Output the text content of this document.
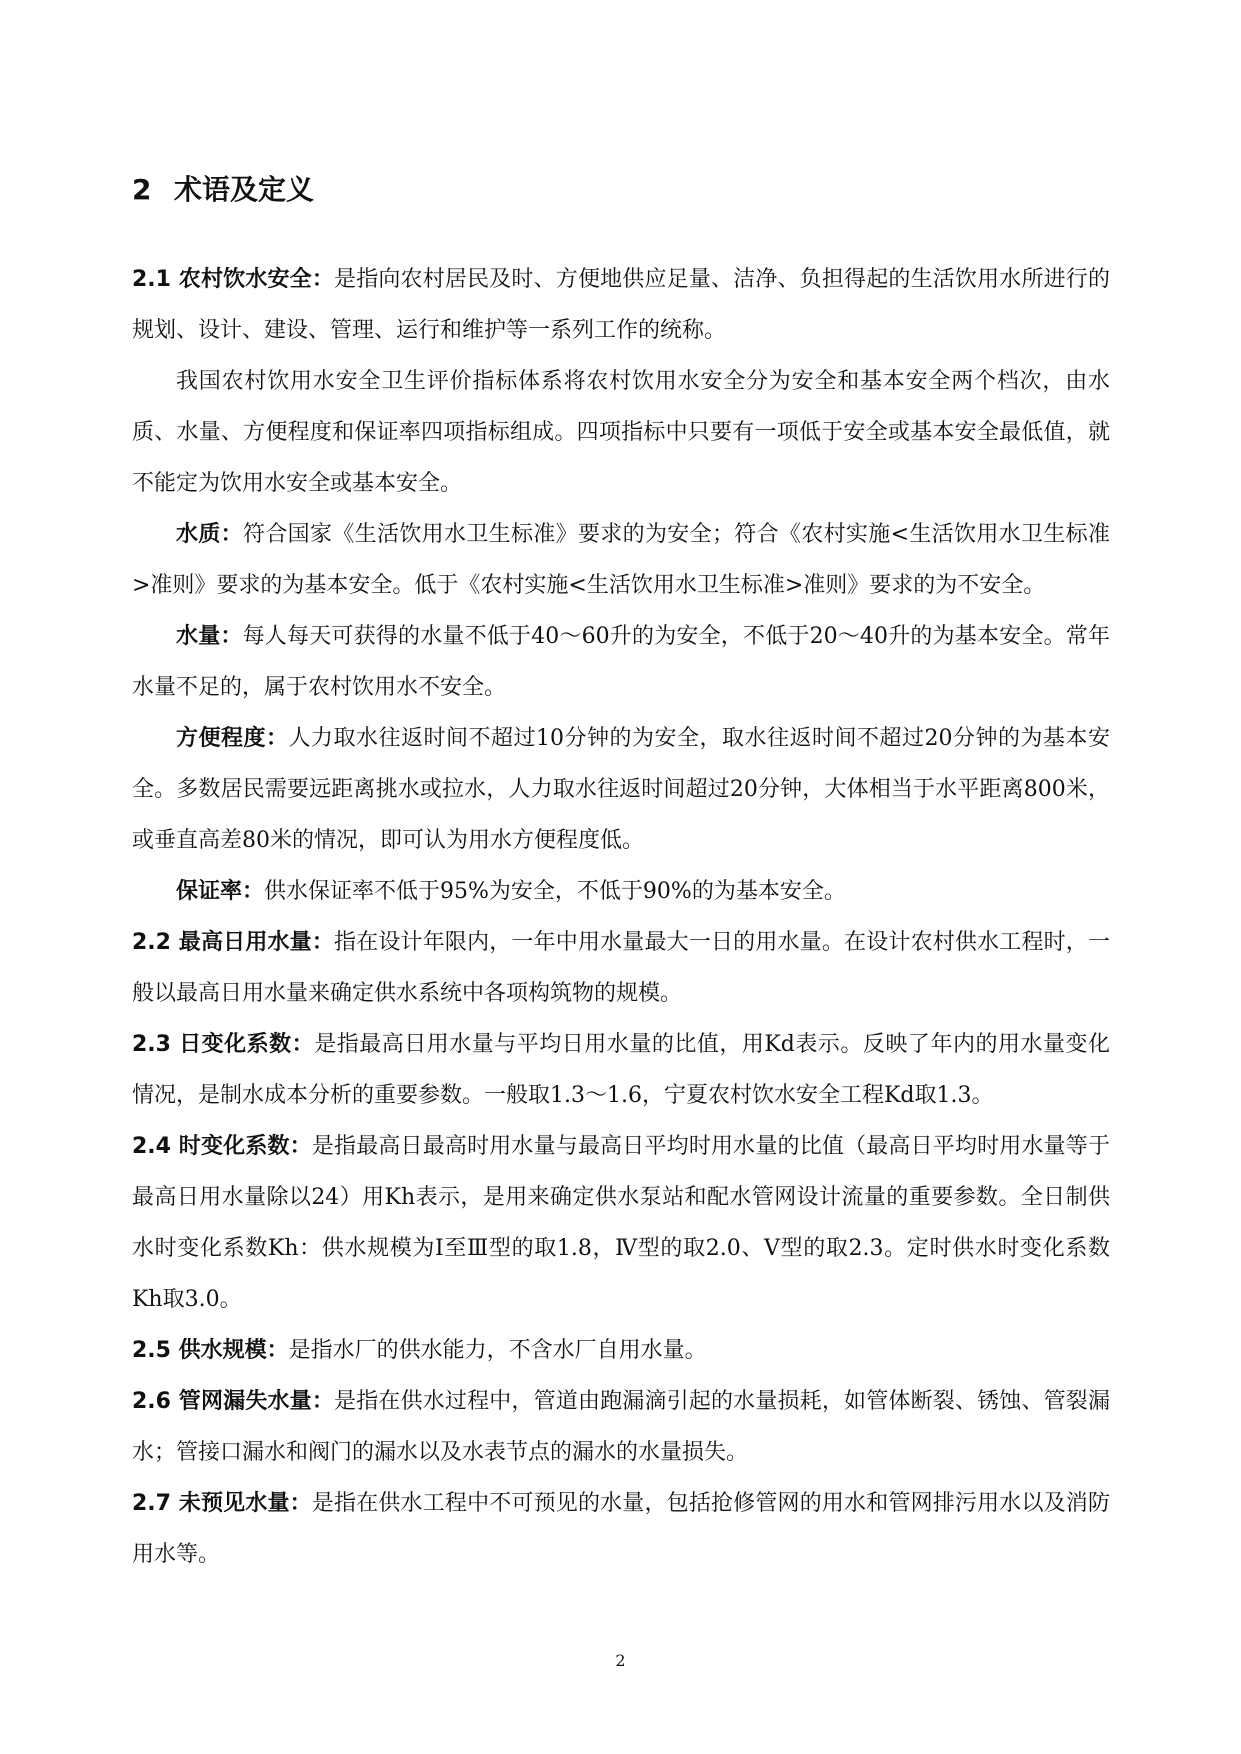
2 术语及定义

2.1 农村饮水安全：是指向农村居民及时、方便地供应足量、洁净、负担得起的生活饮用水所进行的规划、设计、建设、管理、运行和维护等一系列工作的统称。

我国农村饮用水安全卫生评价指标体系将农村饮用水安全分为安全和基本安全两个档次，由水质、水量、方便程度和保证率四项指标组成。四项指标中只要有一项低于安全或基本安全最低值，就不能定为饮用水安全或基本安全。

水质：符合国家《生活饮用水卫生标准》要求的为安全；符合《农村实施<生活饮用水卫生标准>准则》要求的为基本安全。低于《农村实施<生活饮用水卫生标准>准则》要求的为不安全。

水量：每人每天可获得的水量不低于40～60升的为安全，不低于20～40升的为基本安全。常年水量不足的，属于农村饮用水不安全。

方便程度：人力取水往返时间不超过10分钟的为安全，取水往返时间不超过20分钟的为基本安全。多数居民需要远距离挑水或拉水，人力取水往返时间超过20分钟，大体相当于水平距离800米，或垂直高差80米的情况，即可认为用水方便程度低。

保证率：供水保证率不低于95%为安全，不低于90%的为基本安全。

2.2 最高日用水量：指在设计年限内，一年中用水量最大一日的用水量。在设计农村供水工程时，一般以最高日用水量来确定供水系统中各项构筑物的规模。

2.3 日变化系数：是指最高日用水量与平均日用水量的比值，用Kd表示。反映了年内的用水量变化情况，是制水成本分析的重要参数。一般取1.3～1.6，宁夏农村饮水安全工程Kd取1.3。

2.4 时变化系数：是指最高日最高时用水量与最高日平均时用水量的比值（最高日平均时用水量等于最高日用水量除以24）用Kh表示，是用来确定供水泵站和配水管网设计流量的重要参数。全日制供水时变化系数Kh：供水规模为Ⅰ至Ⅲ型的取1.8，Ⅳ型的取2.0、Ⅴ型的取2.3。定时供水时变化系数Kh取3.0。

2.5 供水规模：是指水厂的供水能力，不含水厂自用水量。

2.6 管网漏失水量：是指在供水过程中，管道由跑漏滴引起的水量损耗，如管体断裂、锈蚀、管裂漏水；管接口漏水和阀门的漏水以及水表节点的漏水的水量损失。

2.7 未预见水量：是指在供水工程中不可预见的水量，包括抢修管网的用水和管网排污用水以及消防用水等。

2
